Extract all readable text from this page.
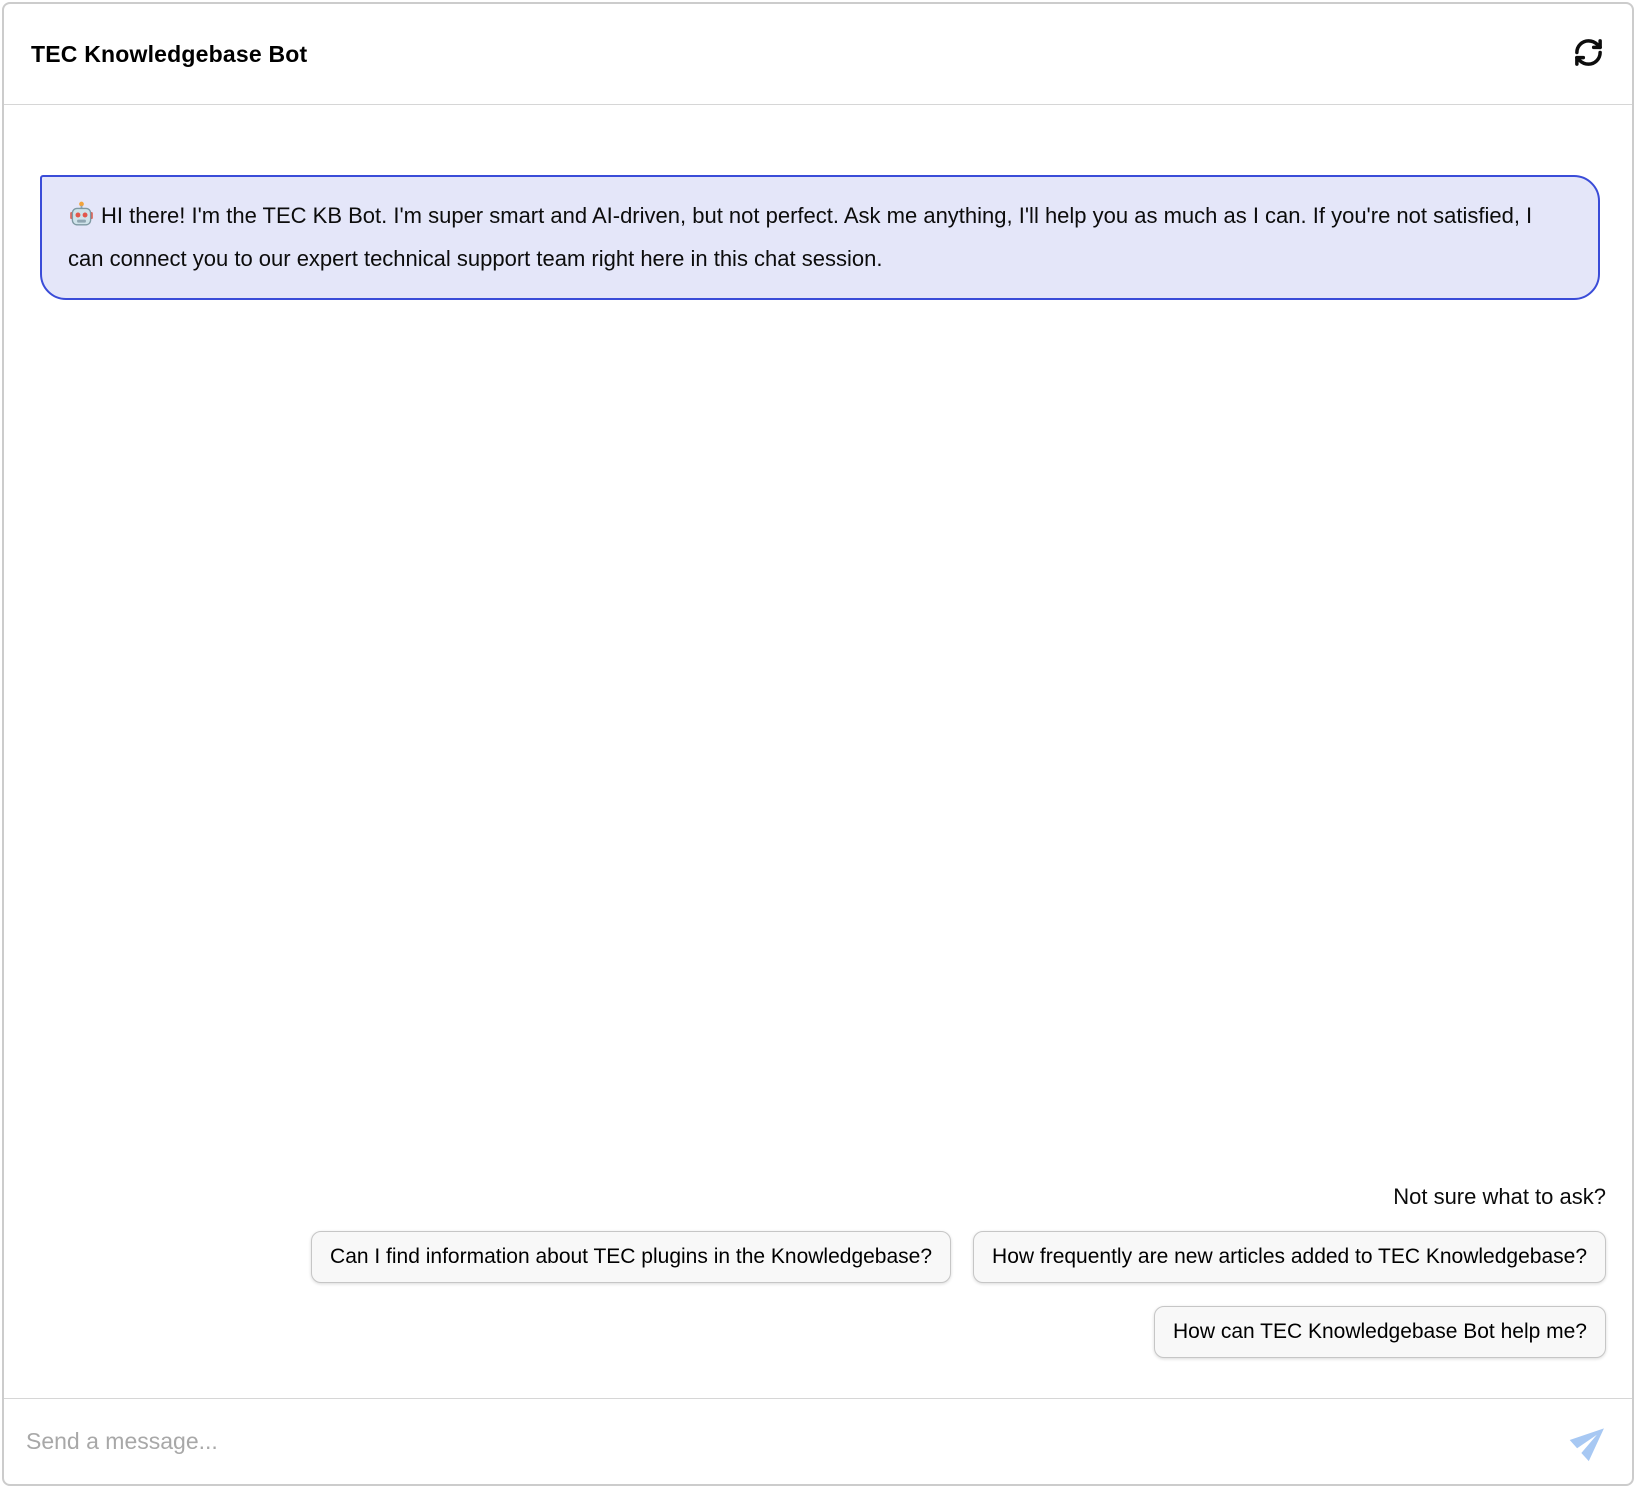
TEC Knowledgebase Bot
HI there! I'm the TEC KB Bot. I'm super smart and AI-driven, but not perfect. Ask me anything, I'll help you as much as I can. If you're not satisfied, I can connect you to our expert technical support team right here in this chat session.
Not sure what to ask?
Can I find information about TEC plugins in the Knowledgebase?	How frequently are new articles added to TEC Knowledgebase?
How can TEC Knowledgebase Bot help me?
Send a message...
